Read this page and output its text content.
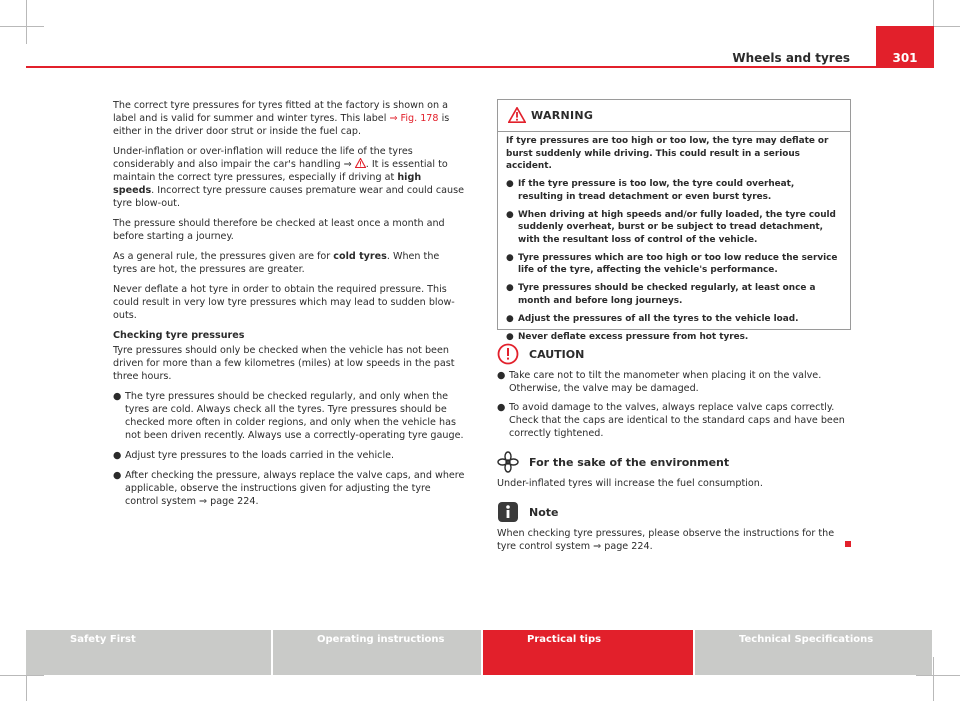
301
Wheels and tyres

The correct tyre pressures for tyres fitted at the factory is shown on a label and is valid for summer and winter tyres. This label ⇒ Fig. 178 is either in the driver door strut or inside the fuel cap.

Under-inflation or over-inflation will reduce the life of the tyres considerably and also impair the car's handling ⇒ . It is essential to maintain the correct tyre pressures, especially if driving at high speeds. Incorrect tyre pressure causes premature wear and could cause tyre blow-out.

The pressure should therefore be checked at least once a month and before starting a journey.

As a general rule, the pressures given are for cold tyres. When the tyres are hot, the pressures are greater.

Never deflate a hot tyre in order to obtain the required pressure. This could result in very low tyre pressures which may lead to sudden blow-outs.

Checking tyre pressures

Tyre pressures should only be checked when the vehicle has not been driven for more than a few kilometres (miles) at low speeds in the past three hours.

● The tyre pressures should be checked regularly, and only when the tyres are cold. Always check all the tyres. Tyre pressures should be checked more often in colder regions, and only when the vehicle has not been driven recently. Always use a correctly-operating tyre gauge.
● Adjust tyre pressures to the loads carried in the vehicle.
● After checking the pressure, always replace the valve caps, and where applicable, observe the instructions given for adjusting the tyre control system ⇒ page 224.
WARNING

If tyre pressures are too high or too low, the tyre may deflate or burst suddenly while driving. This could result in a serious accident.

● If the tyre pressure is too low, the tyre could overheat, resulting in tread detachment or even burst tyres.
● When driving at high speeds and/or fully loaded, the tyre could suddenly overheat, burst or be subject to tread detachment, with the resultant loss of control of the vehicle.
● Tyre pressures which are too high or too low reduce the service life of the tyre, affecting the vehicle's performance.
● Tyre pressures should be checked regularly, at least once a month and before long journeys.
● Adjust the pressures of all the tyres to the vehicle load.
● Never deflate excess pressure from hot tyres.
CAUTION
● Take care not to tilt the manometer when placing it on the valve. Otherwise, the valve may be damaged.
● To avoid damage to the valves, always replace valve caps correctly. Check that the caps are identical to the standard caps and have been correctly tightened.
For the sake of the environment

Under-inflated tyres will increase the fuel consumption.

Note

When checking tyre pressures, please observe the instructions for the tyre control system ⇒ page 224.

Safety First	Operating instructions	Practical tips	Technical Specifications
